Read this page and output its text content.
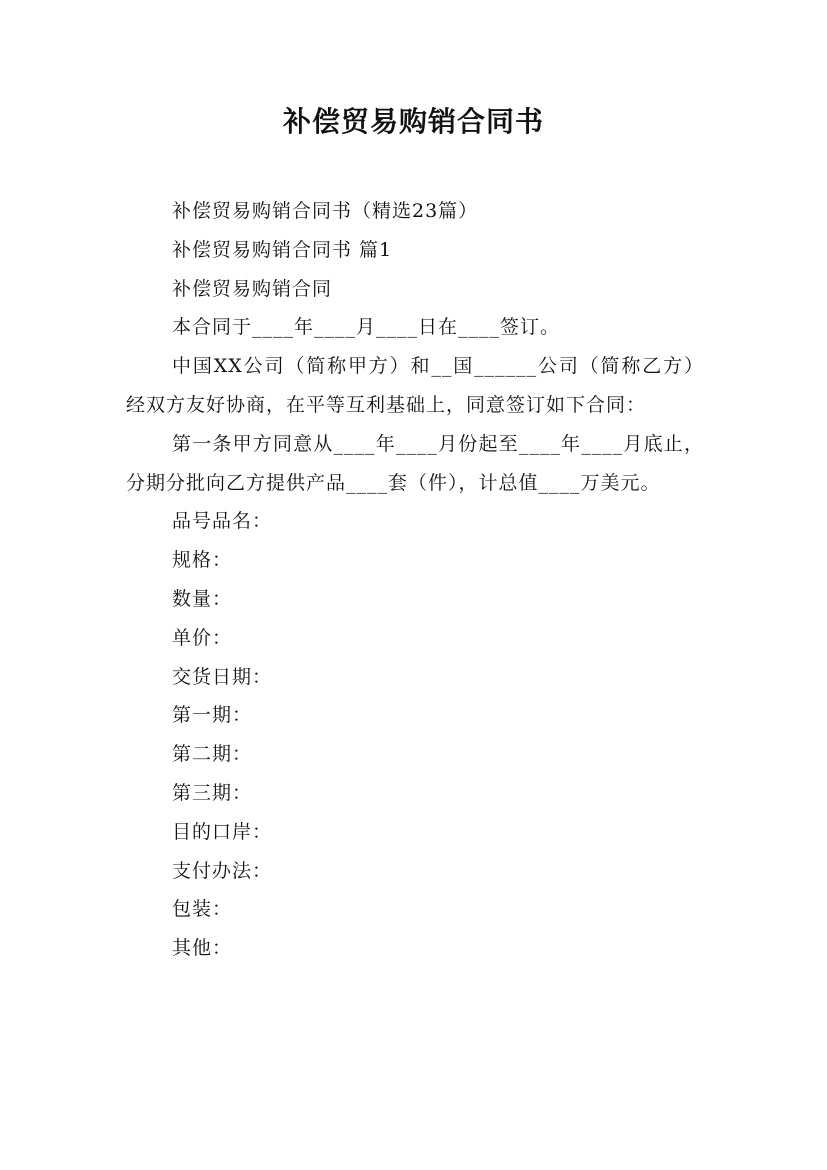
补偿贸易购销合同书

补偿贸易购销合同书（精选23篇）

补偿贸易购销合同书 篇1

补偿贸易购销合同

本合同于____年____月____日在____签订。

中国XX公司（简称甲方）和__国______公司（简称乙方）经双方友好协商，在平等互利基础上，同意签订如下合同：

第一条甲方同意从____年____月份起至____年____月底止，分期分批向乙方提供产品____套（件），计总值____万美元。

品号品名：

规格：

数量：

单价：

交货日期：

第一期：

第二期：

第三期：

目的口岸：

支付办法：

包装：

其他：
